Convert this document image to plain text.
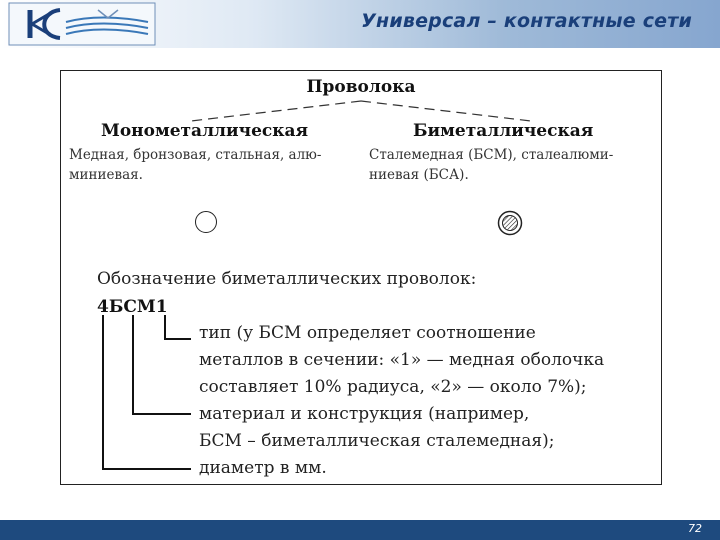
Универсал – контактные сети
Проволока
Монометаллическая	Биметаллическая
Медная, бронзовая, стальная, алю-
миниевая.
Сталемедная (БСМ), сталеалюми-
ниевая (БСА).
Обозначение биметаллических проволок:
4БСМ1
тип (у БСМ определяет соотношение
металлов в сечении: «1» — медная оболочка
составляет 10% радиуса, «2» — около 7%);
материал и конструкция (например,
БСМ – биметаллическая сталемедная);
диаметр в мм.
72
